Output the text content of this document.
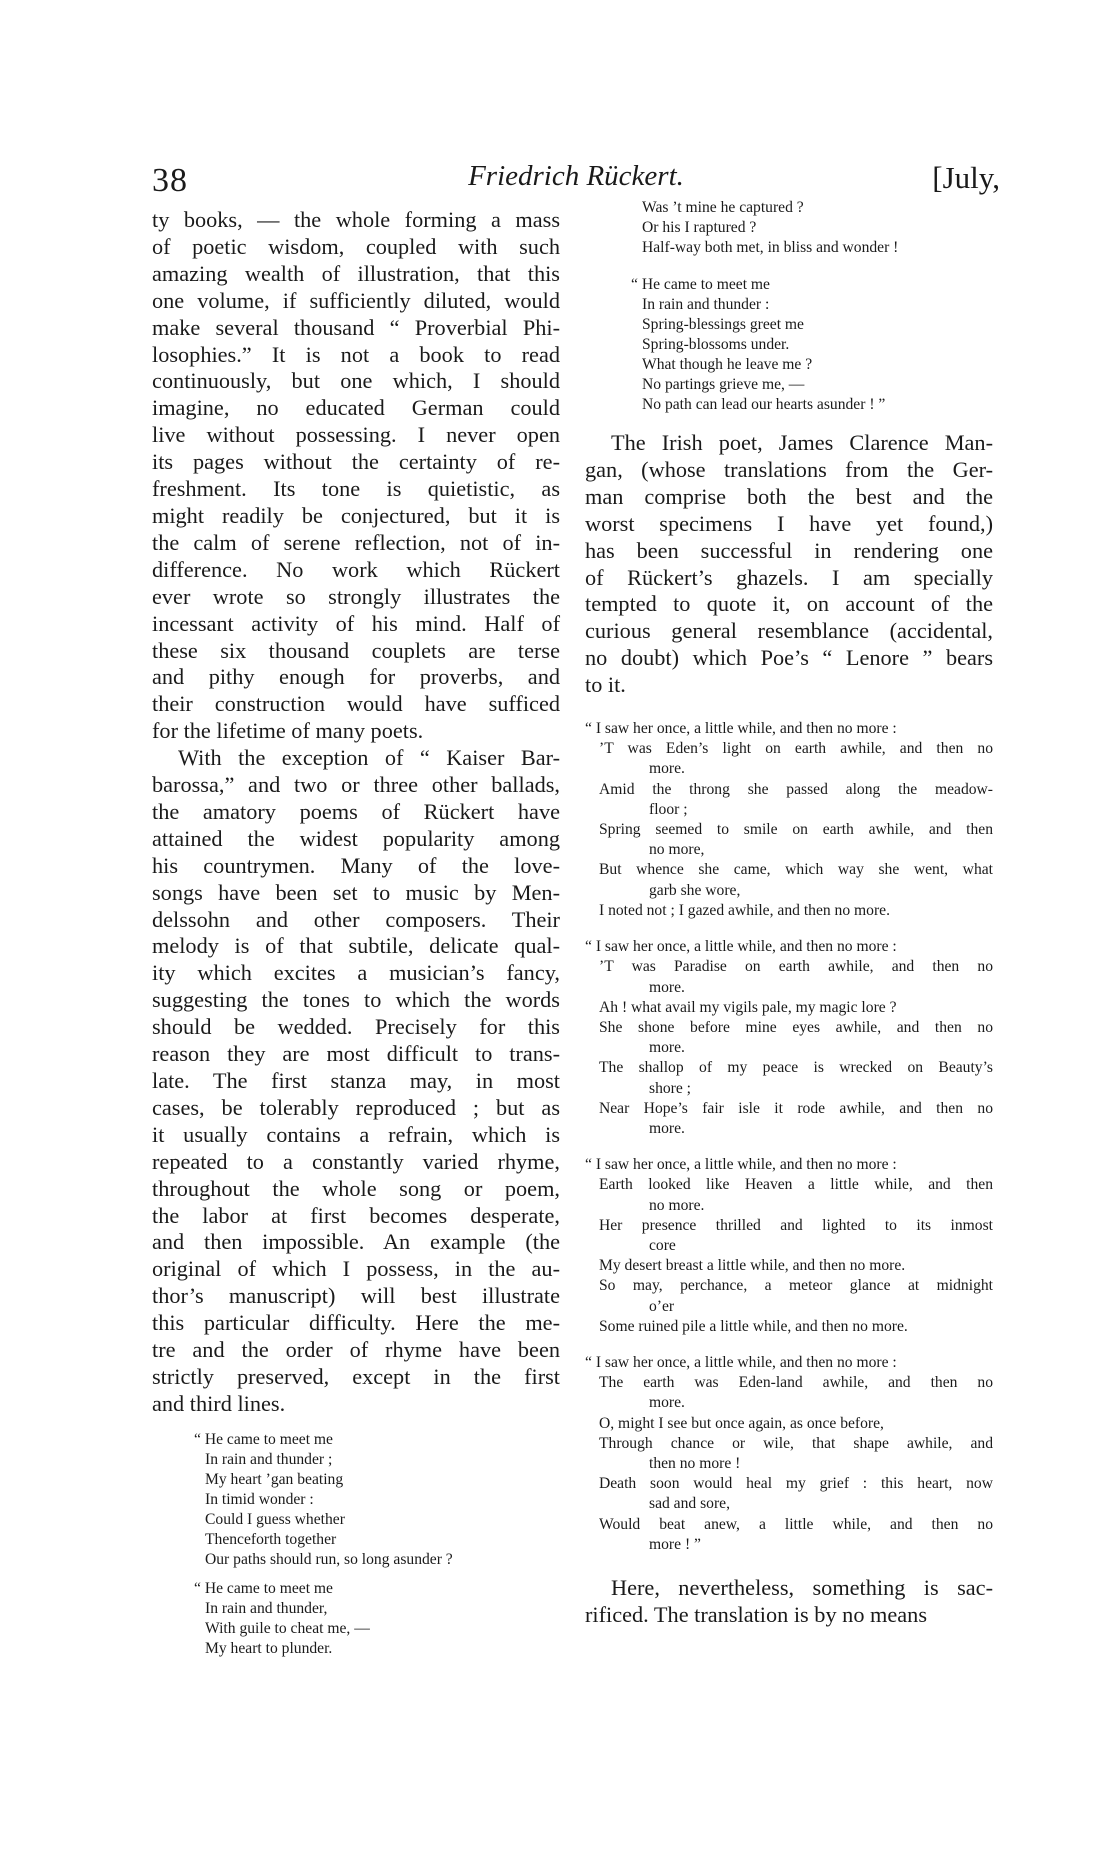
38	Friedrich Rückert.	[July,

ty books, — the whole forming a mass
of poetic wisdom, coupled with such
amazing wealth of illustration, that this
one volume, if sufficiently diluted, would
make several thousand “ Proverbial Phi-
losophies.” It is not a book to read
continuously, but one which, I should
imagine, no educated German could
live without possessing. I never open
its pages without the certainty of re-
freshment. Its tone is quietistic, as
might readily be conjectured, but it is
the calm of serene reflection, not of in-
difference. No work which Rückert
ever wrote so strongly illustrates the
incessant activity of his mind. Half of
these six thousand couplets are terse
and pithy enough for proverbs, and
their construction would have sufficed
for the lifetime of many poets.

With the exception of “ Kaiser Bar-
barossa,” and two or three other ballads,
the amatory poems of Rückert have
attained the widest popularity among
his countrymen. Many of the love-
songs have been set to music by Men-
delssohn and other composers. Their
melody is of that subtile, delicate qual-
ity which excites a musician’s fancy,
suggesting the tones to which the words
should be wedded. Precisely for this
reason they are most difficult to trans-
late. The first stanza may, in most
cases, be tolerably reproduced ; but as
it usually contains a refrain, which is
repeated to a constantly varied rhyme,
throughout the whole song or poem,
the labor at first becomes desperate,
and then impossible. An example (the
original of which I possess, in the au-
thor’s manuscript) will best illustrate
this particular difficulty. Here the me-
tre and the order of rhyme have been
strictly preserved, except in the first
and third lines.

“ He came to meet me
In rain and thunder ;
My heart ’gan beating
In timid wonder :
Could I guess whether
Thenceforth together
Our paths should run, so long asunder ?
“ He came to meet me
In rain and thunder,
With guile to cheat me, —
My heart to plunder.
Was ’t mine he captured ?
Or his I raptured ?
Half-way both met, in bliss and wonder !
“ He came to meet me
In rain and thunder :
Spring-blessings greet me
Spring-blossoms under.
What though he leave me ?
No partings grieve me, —
No path can lead our hearts asunder ! ”

The Irish poet, James Clarence Man-
gan, (whose translations from the Ger-
man comprise both the best and the
worst specimens I have yet found,)
has been successful in rendering one
of Rückert’s ghazels. I am specially
tempted to quote it, on account of the
curious general resemblance (accidental,
no doubt) which Poe’s “ Lenore ” bears
to it.

“ I saw her once, a little while, and then no more :
’T was Eden’s light on earth awhile, and then no
more.
Amid the throng she passed along the meadow-
floor ;
Spring seemed to smile on earth awhile, and then
no more,
But whence she came, which way she went, what
garb she wore,
I noted not ; I gazed awhile, and then no more.
“ I saw her once, a little while, and then no more :
’T was Paradise on earth awhile, and then no
more.
Ah ! what avail my vigils pale, my magic lore ?
She shone before mine eyes awhile, and then no
more.
The shallop of my peace is wrecked on Beauty’s
shore ;
Near Hope’s fair isle it rode awhile, and then no
more.
“ I saw her once, a little while, and then no more :
Earth looked like Heaven a little while, and then
no more.
Her presence thrilled and lighted to its inmost
core
My desert breast a little while, and then no more.
So may, perchance, a meteor glance at midnight
o’er
Some ruined pile a little while, and then no more.
“ I saw her once, a little while, and then no more :
The earth was Eden-land awhile, and then no
more.
O, might I see but once again, as once before,
Through chance or wile, that shape awhile, and
then no more !
Death soon would heal my grief : this heart, now
sad and sore,
Would beat anew, a little while, and then no
more ! ”

Here, nevertheless, something is sac-
rificed. The translation is by no means
